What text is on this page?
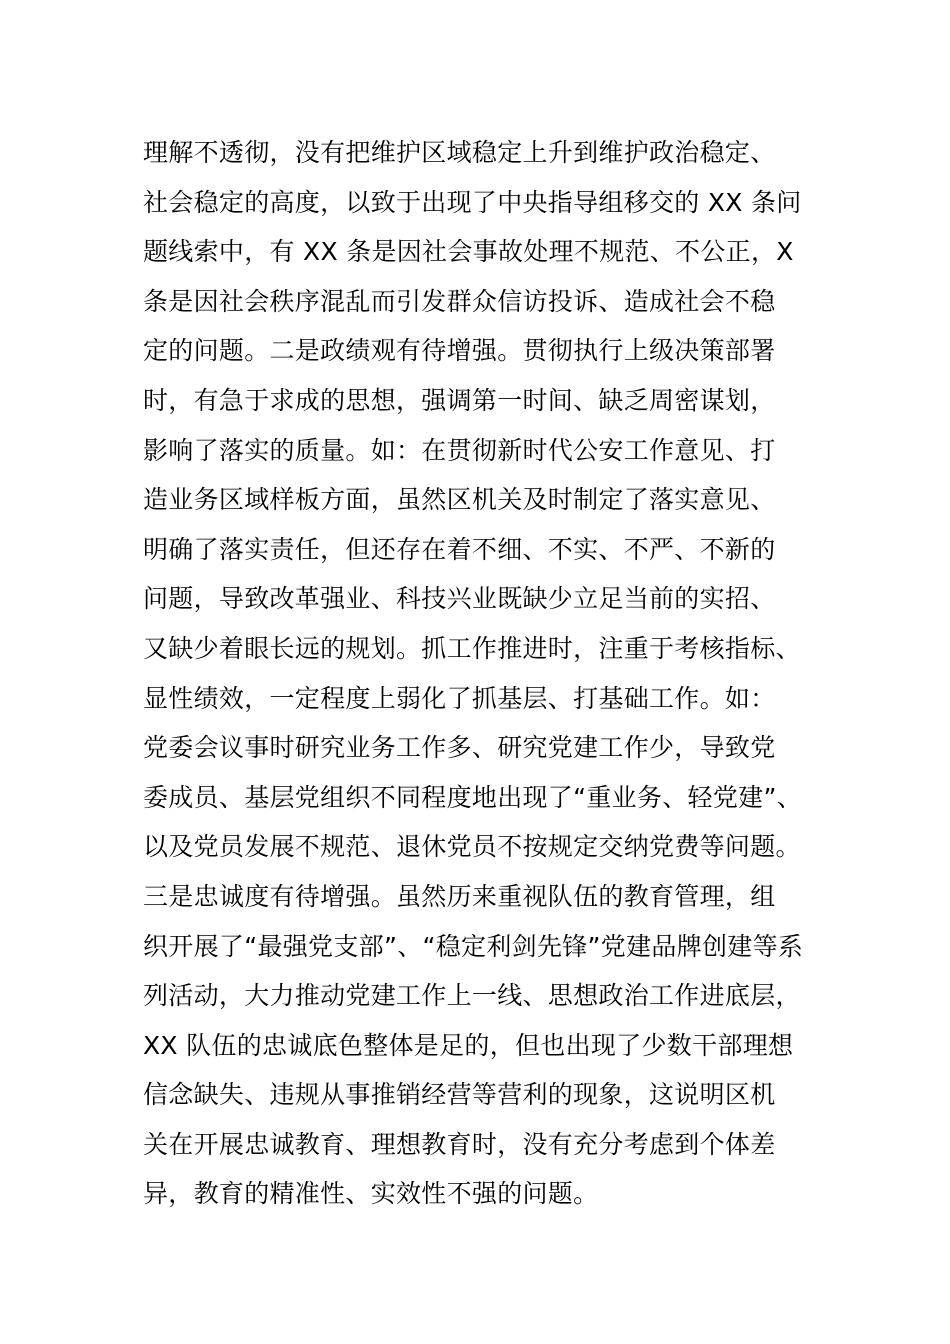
理解不透彻，没有把维护区域稳定上升到维护政治稳定、
社会稳定的高度，以致于出现了中央指导组移交的 XX 条问
题线索中，有 XX 条是因社会事故处理不规范、不公正，X
条是因社会秩序混乱而引发群众信访投诉、造成社会不稳
定的问题。二是政绩观有待增强。贯彻执行上级决策部署
时，有急于求成的思想，强调第一时间、缺乏周密谋划，
影响了落实的质量。如：在贯彻新时代公安工作意见、打
造业务区域样板方面，虽然区机关及时制定了落实意见、
明确了落实责任，但还存在着不细、不实、不严、不新的
问题，导致改革强业、科技兴业既缺少立足当前的实招、
又缺少着眼长远的规划。抓工作推进时，注重于考核指标、
显性绩效，一定程度上弱化了抓基层、打基础工作。如：
党委会议事时研究业务工作多、研究党建工作少，导致党
委成员、基层党组织不同程度地出现了“重业务、轻党建”、
以及党员发展不规范、退休党员不按规定交纳党费等问题。
三是忠诚度有待增强。虽然历来重视队伍的教育管理，组
织开展了“最强党支部”、“稳定利剑先锋”党建品牌创建等系
列活动，大力推动党建工作上一线、思想政治工作进底层，
XX 队伍的忠诚底色整体是足的，但也出现了少数干部理想
信念缺失、违规从事推销经营等营利的现象，这说明区机
关在开展忠诚教育、理想教育时，没有充分考虑到个体差
异，教育的精准性、实效性不强的问题。
